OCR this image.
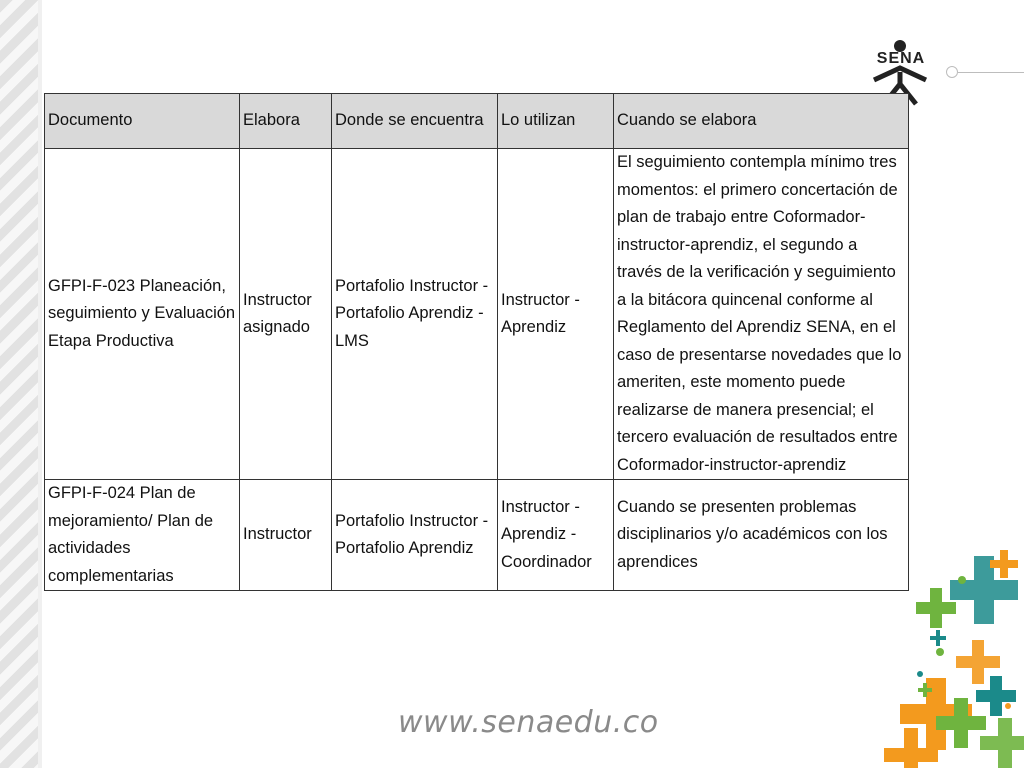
SENA
Documento	Elabora	Donde se encuentra	Lo utilizan	Cuando se elabora
GFPI-F-023 Planeación, seguimiento y Evaluación Etapa Productiva	Instructor asignado	Portafolio Instructor - Portafolio Aprendiz - LMS	Instructor - Aprendiz	El seguimiento contempla mínimo tres momentos: el primero concertación de plan de trabajo entre Coformador-instructor-aprendiz, el segundo a través de la verificación y seguimiento a la bitácora quincenal conforme al Reglamento del Aprendiz SENA, en el caso de presentarse novedades que lo ameriten, este momento puede realizarse de manera presencial; el tercero evaluación de resultados entre Coformador-instructor-aprendiz
GFPI-F-024 Plan de mejoramiento/ Plan de actividades complementarias	Instructor	Portafolio Instructor - Portafolio Aprendiz	Instructor - Aprendiz - Coordinador	Cuando se presenten problemas disciplinarios y/o académicos con los aprendices
www.senaedu.co
